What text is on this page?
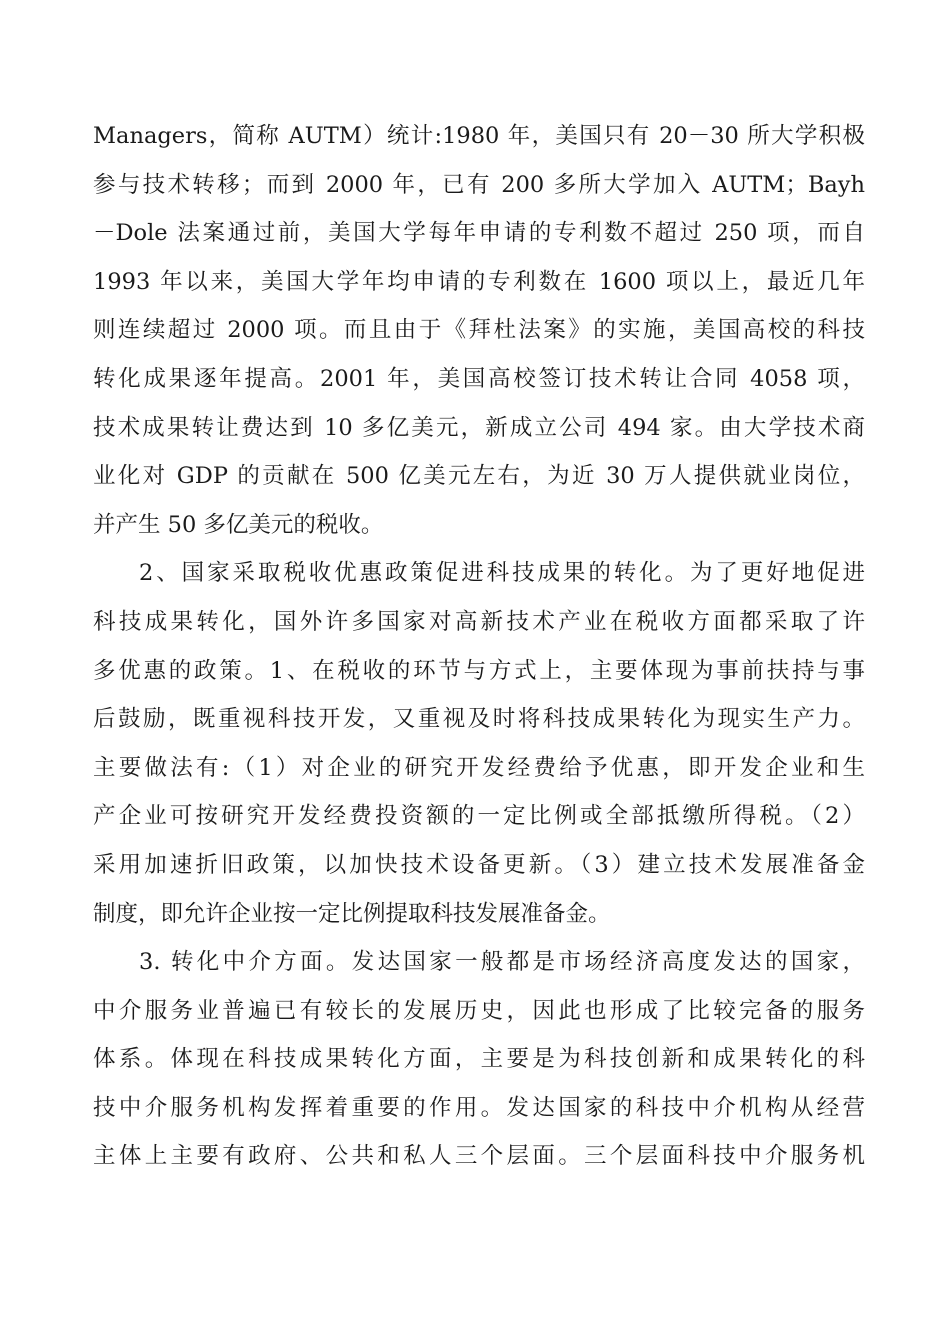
Managers，简称 AUTM）统计:1980 年，美国只有 20－30 所大学积极
参与技术转移；而到 2000 年，已有 200 多所大学加入 AUTM；Bayh
－Dole 法案通过前，美国大学每年申请的专利数不超过 250 项，而自
1993 年以来，美国大学年均申请的专利数在 1600 项以上，最近几年
则连续超过 2000 项。而且由于《拜杜法案》的实施，美国高校的科技
转化成果逐年提高。2001 年，美国高校签订技术转让合同 4058 项，
技术成果转让费达到 10 多亿美元，新成立公司 494 家。由大学技术商
业化对 GDP 的贡献在 500 亿美元左右，为近 30 万人提供就业岗位，
并产生 50 多亿美元的税收。
2、国家采取税收优惠政策促进科技成果的转化。为了更好地促进
科技成果转化，国外许多国家对高新技术产业在税收方面都采取了许
多优惠的政策。1、在税收的环节与方式上，主要体现为事前扶持与事
后鼓励，既重视科技开发，又重视及时将科技成果转化为现实生产力。
主要做法有:（1）对企业的研究开发经费给予优惠，即开发企业和生
产企业可按研究开发经费投资额的一定比例或全部抵缴所得税。（2）
采用加速折旧政策，以加快技术设备更新。（3）建立技术发展准备金
制度，即允许企业按一定比例提取科技发展准备金。
3. 转化中介方面。发达国家一般都是市场经济高度发达的国家，
中介服务业普遍已有较长的发展历史，因此也形成了比较完备的服务
体系。体现在科技成果转化方面，主要是为科技创新和成果转化的科
技中介服务机构发挥着重要的作用。发达国家的科技中介机构从经营
主体上主要有政府、公共和私人三个层面。三个层面科技中介服务机
